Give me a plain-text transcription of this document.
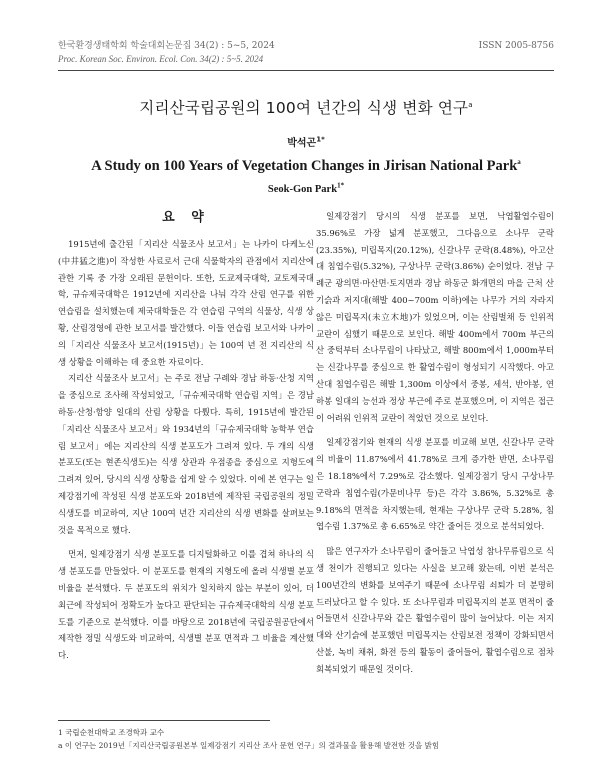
한국환경생태학회 학술대회논문집 34(2) : 5~5, 2024	ISSN 2005-8756
Proc. Korean Soc. Environ. Ecol. Con. 34(2) : 5~5. 2024
지리산국립공원의 100여 년간의 식생 변화 연구$^a$
박석곤$^{1*}$
A Study on 100 Years of Vegetation Changes in Jirisan National Park$^a$
Seok-Gon Park$^{1*}$
요 약

1915년에 출간된「지리산 식물조사 보고서」는 나카이 다케노신(中井猛之進)이 작성한 사료로서 근대 식물학자의 관점에서 지리산에 관한 기록 중 가장 오래된 문헌이다. 또한, 도쿄제국대학, 교토제국대학, 규슈제국대학은 1912년에 지리산을 나눠 각각 산림 연구를 위한 연습림을 설치했는데 제국대학들은 각 연습림 구역의 식물상, 식생 상황, 산림경영에 관한 보고서를 발간했다. 이들 연습림 보고서와 나카이의「지리산 식물조사 보고서(1915년)」는 100여 년 전 지리산의 식생 상황을 이해하는 데 중요한 자료이다.

지리산 식물조사 보고서」는 주로 전남 구례와 경남 하동·산청 지역을 중심으로 조사해 작성되었고,「규슈제국대학 연습림 지역」은 경남 하동·산청·함양 일대의 산림 상황을 다뤘다. 특히, 1915년에 발간된「지리산 식물조사 보고서」와 1934년의「규슈제국대학 농학부 연습림 보고서」에는 지리산의 식생 분포도가 그려져 있다. 두 개의 식생 분포도(또는 현존식생도)는 식생 상관과 우점종을 중심으로 지형도에 그려져 있어, 당시의 식생 상황을 쉽게 알 수 있었다. 이에 본 연구는 일제강점기에 작성된 식생 분포도와 2018년에 제작된 국립공원의 정밀 식생도를 비교하여, 지난 100여 년간 지리산의 식생 변화를 살펴보는 것을 목적으로 했다.

먼저, 일제강점기 식생 분포도를 디지털화하고 이를 겹쳐 하나의 식생 분포도를 만들었다. 이 분포도를 현재의 지형도에 올려 식생별 분포 비율을 분석했다. 두 분포도의 위치가 일치하지 않는 부분이 있어, 더 최근에 작성되어 정확도가 높다고 판단되는 규슈제국대학의 식생 분포도를 기준으로 분석했다. 이를 바탕으로 2018년에 국립공원공단에서 제작한 정밀 식생도와 비교하여, 식생별 분포 면적과 그 비율을 계산했다.

일제강점기 당시의 식생 분포를 보면, 낙엽활엽수림이 35.96%로 가장 넓게 분포했고, 그다음으로 소나무 군락(23.35%), 미립목지(20.12%), 신갈나무 군락(8.48%), 아고산대 침엽수림(5.32%), 구상나무 군락(3.86%) 순이었다. 전남 구례군 광의면·마산면·토지면과 경남 하동군 화개면의 마을 근처 산기슭과 저지대(해발 400~700m 이하)에는 나무가 거의 자라지 않은 미립목지(未立木地)가 있었으며, 이는 산림벌채 등 인위적 교란이 심했기 때문으로 보인다. 해발 400m에서 700m 부근의 산 중턱부터 소나무림이 나타났고, 해발 800m에서 1,000m부터는 신갈나무를 중심으로 한 활엽수림이 형성되기 시작했다. 아고산대 침엽수림은 해발 1,300m 이상에서 중봉, 세석, 반야봉, 연하봉 일대의 능선과 정상 부근에 주로 분포했으며, 이 지역은 접근이 어려워 인위적 교란이 적었던 것으로 보인다.

일제강점기와 현재의 식생 분포를 비교해 보면, 신갈나무 군락의 비율이 11.87%에서 41.78%로 크게 증가한 반면, 소나무림은 18.18%에서 7.29%로 감소했다. 일제강점기 당시 구상나무 군락과 침엽수림(가문비나무 등)은 각각 3.86%, 5.32%로 총 9.18%의 면적을 차지했는데, 현재는 구상나무 군락 5.28%, 침엽수림 1.37%로 총 6.65%로 약간 줄어든 것으로 분석되었다.

많은 연구자가 소나무림이 줄어들고 낙엽성 참나무류림으로 식생 천이가 진행되고 있다는 사실을 보고해 왔는데, 이번 분석은 100년간의 변화를 보여주기 때문에 소나무림 쇠퇴가 더 분명히 드러났다고 할 수 있다. 또 소나무림과 미립목지의 분포 면적이 줄어들면서 신갈나무와 같은 활엽수림이 많이 늘어났다. 이는 저지대와 산기슭에 분포했던 미립목지는 산림보전 정책이 강화되면서 산불, 녹비 채취, 화전 등의 활동이 줄어들어, 활엽수림으로 점차 회복되었기 때문일 것이다.

1 국립순천대학교 조경학과 교수
a 이 연구는 2019년「지리산국립공원본부 일제강점기 지리산 조사 문헌 연구」의 결과물을 활용해 발전한 것을 밝힘
